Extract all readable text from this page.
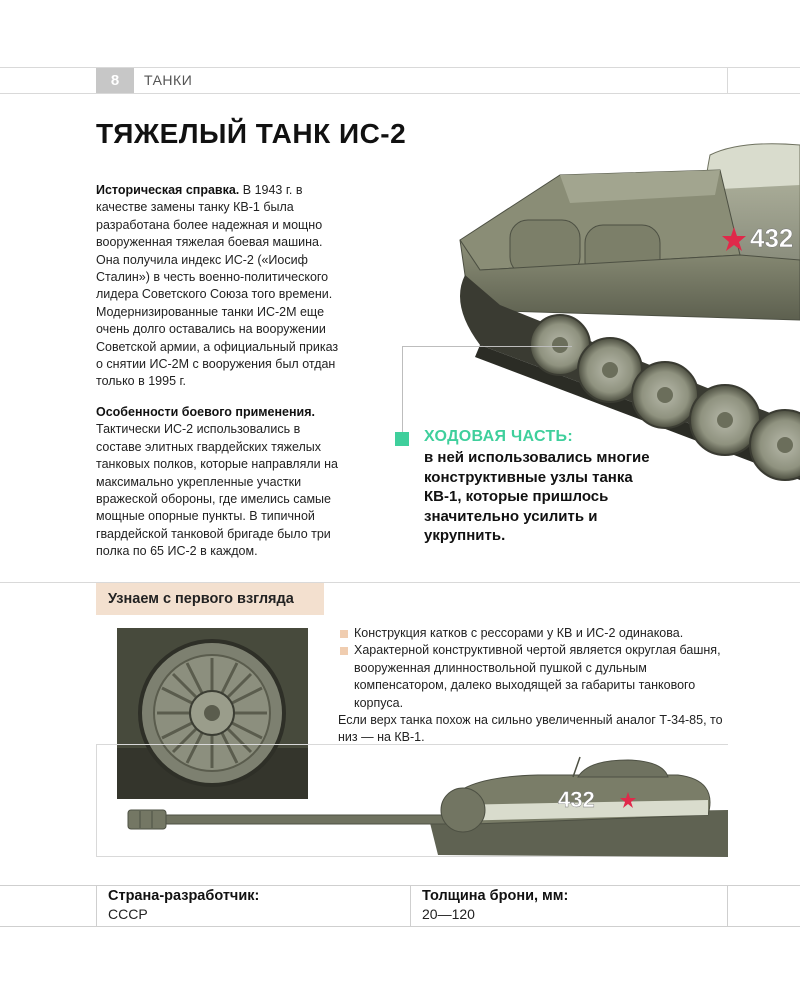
8	ТАНКИ
ТЯЖЕЛЫЙ ТАНК ИС-2

Историческая справка. В 1943 г. в качестве замены танку КВ-1 была разработана более надежная и мощно вооруженная тяжелая боевая машина. Она получила индекс ИС-2 («Иосиф Сталин») в честь военно-политического лидера Советского Союза того времени. Модернизированные танки ИС-2М еще очень долго оставались на вооружении Советской армии, а официальный приказ о снятии ИС-2М с вооружения был отдан только в 1995 г.

Особенности боевого применения. Тактически ИС-2 использовались в составе элитных гвардейских тяжелых танковых полков, которые направляли на максимально укрепленные участки вражеской обороны, где имелись самые мощные опорные пункты. В типичной гвардейской танковой бригаде было три полка по 65 ИС-2 в каждом.

432
ХОДОВАЯ ЧАСТЬ:
в ней использовались многие конструктивные узлы танка КВ-1, которые пришлось значительно усилить и укрупнить.
Узнаем с первого взгляда
Конструкция катков с рессорами у КВ и ИС-2 одинакова.
Характерной конструктивной чертой является округлая башня, вооруженная длинноствольной пушкой с дульным компенсатором, далеко выходящей за габариты танкового корпуса.
Если верх танка похож на сильно увеличенный аналог Т-34-85, то низ — на КВ-1.
432
Страна-разработчик:
СССР
Толщина брони, мм:
20—120
